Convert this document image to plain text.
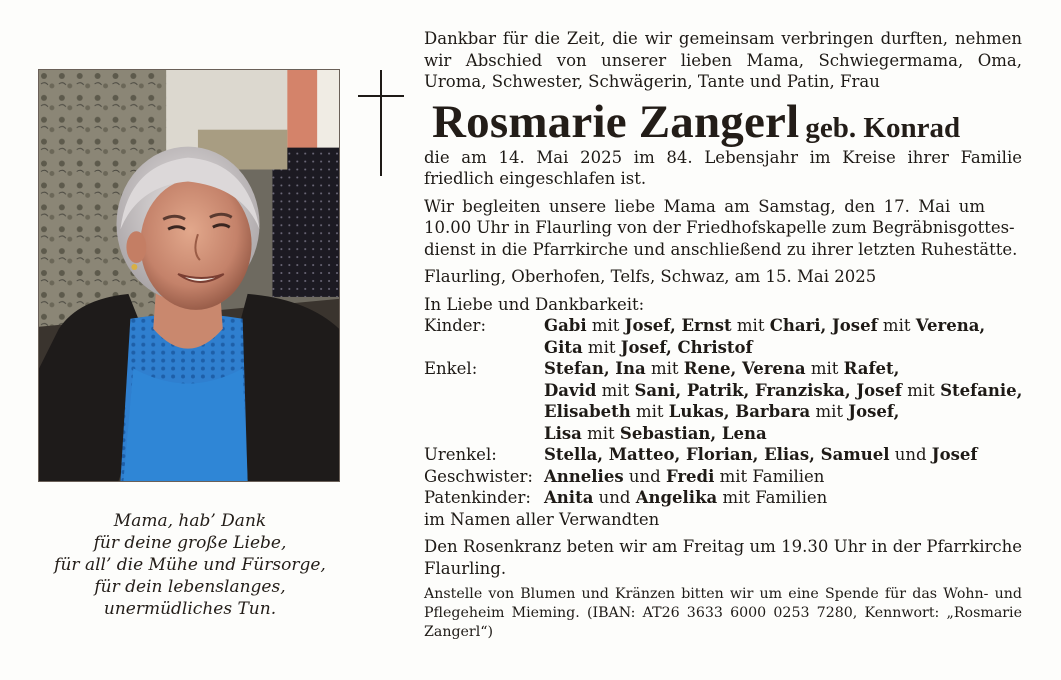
Mama, hab’ Dank
für deine große Liebe,
für all’ die Mühe und Fürsorge,
für dein lebenslanges,
unermüdliches Tun.
Dankbar für die Zeit, die wir gemeinsam verbringen durften, nehmen wir Abschied von unserer lieben Mama, Schwiegermama, Oma, Uroma, Schwester, Schwägerin, Tante und Patin, Frau
Rosmarie Zangerl geb. Konrad
die am 14. Mai 2025 im 84. Lebensjahr im Kreise ihrer Familie friedlich eingeschlafen ist.
Wir begleiten unsere liebe Mama am Samstag, den 17. Mai um
10.00 Uhr in Flaurling von der Friedhofskapelle zum Begräbnisgottes-
dienst in die Pfarrkirche und anschließend zu ihrer letzten Ruhestätte.
Flaurling, Oberhofen, Telfs, Schwaz, am 15. Mai 2025
In Liebe und Dankbarkeit:
Kinder:	Gabi mit Josef, Ernst mit Chari, Josef mit Verena,
Gita mit Josef, Christof
Enkel:	Stefan, Ina mit Rene, Verena mit Rafet,
David mit Sani, Patrik, Franziska, Josef mit Stefanie,
Elisabeth mit Lukas, Barbara mit Josef,
Lisa mit Sebastian, Lena
Urenkel:	Stella, Matteo, Florian, Elias, Samuel und Josef
Geschwister: Annelies und Fredi mit Familien
Patenkinder: Anita und Angelika mit Familien
im Namen aller Verwandten
Den Rosenkranz beten wir am Freitag um 19.30 Uhr in der Pfarrkirche Flaurling.
Anstelle von Blumen und Kränzen bitten wir um eine Spende für das Wohn- und Pflegeheim Mieming. (IBAN: AT26 3633 6000 0253 7280, Kennwort: „Rosmarie Zangerl“)
